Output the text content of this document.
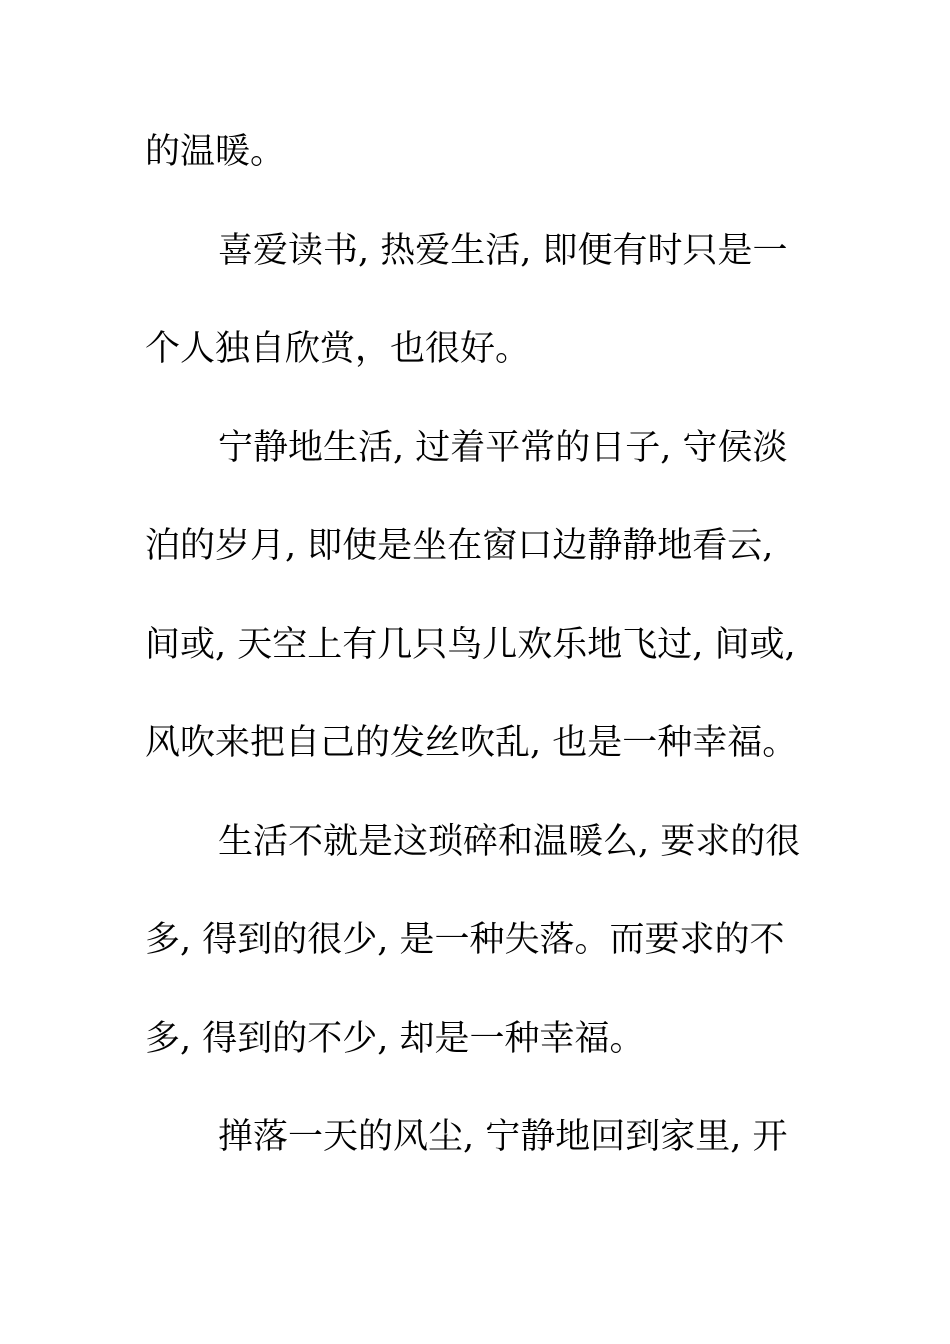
的温暖。
喜爱读书, 热爱生活, 即便有时只是一
个人独自欣赏，也很好。
宁静地生活, 过着平常的日子, 守侯淡
泊的岁月, 即使是坐在窗口边静静地看云,
间或, 天空上有几只鸟儿欢乐地飞过, 间或,
风吹来把自己的发丝吹乱, 也是一种幸福。
生活不就是这琐碎和温暖么, 要求的很
多, 得到的很少, 是一种失落。而要求的不
多, 得到的不少, 却是一种幸福。
掸落一天的风尘, 宁静地回到家里, 开
